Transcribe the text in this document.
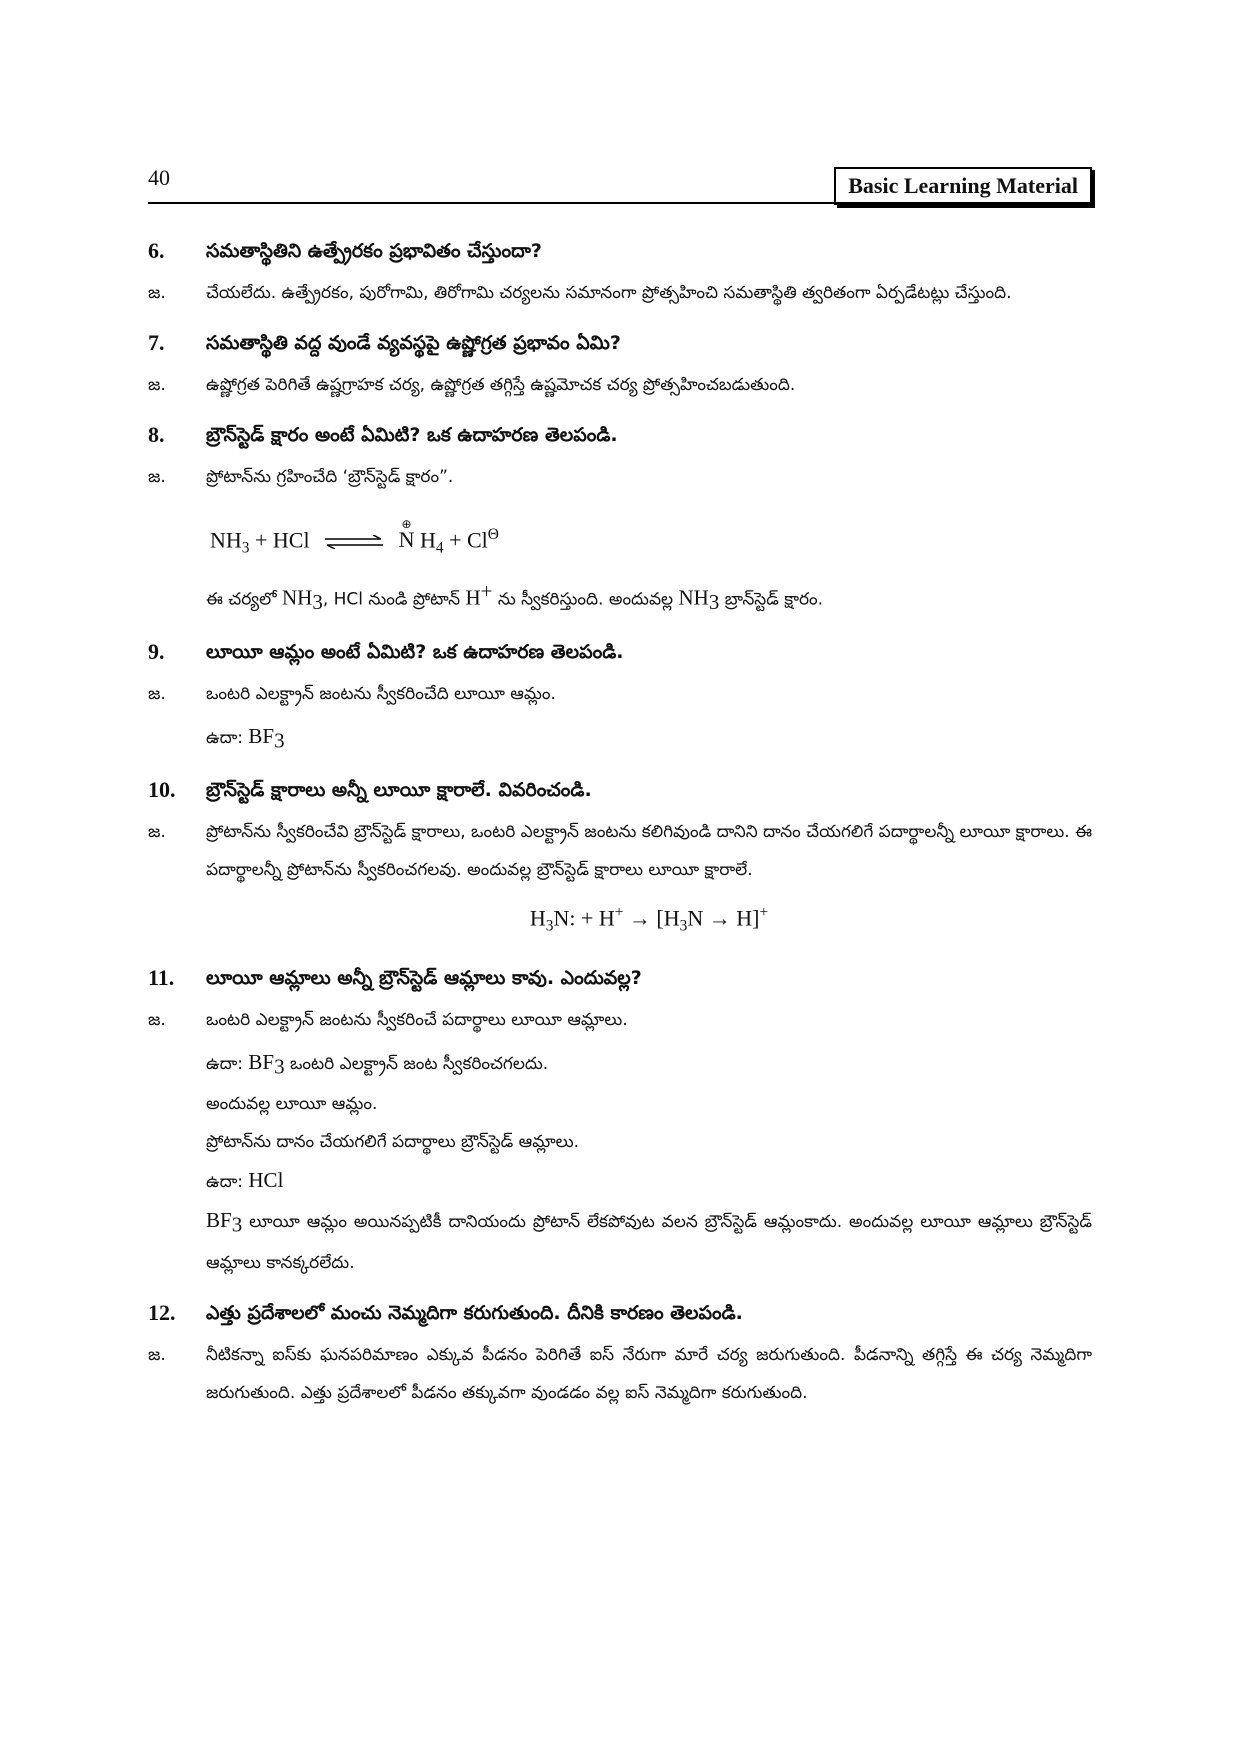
40	Basic Learning Material
6.	సమతాస్థితిని ఉత్ప్రేరకం ప్రభావితం చేస్తుందా?
జ.	చేయలేదు. ఉత్ప్రేరకం, పురోగామి, తిరోగామి చర్యలను సమానంగా ప్రోత్సహించి సమతాస్థితి త్వరితంగా ఏర్పడేటట్లు చేస్తుంది.
7.	సమతాస్థితి వద్ద వుండే వ్యవస్థపై ఉష్ణోగ్రత ప్రభావం ఏమి?
జ.	ఉష్ణోగ్రత పెరిగితే ఉష్ణగ్రాహక చర్య, ఉష్ణోగ్రత తగ్గిస్తే ఉష్ణమోచక చర్య ప్రోత్సహించబడుతుంది.
8.	బ్రౌన్‌స్టెడ్ క్షారం అంటే ఏమిటి? ఒక ఉదాహరణ తెలపండి.
జ.	ప్రోటాన్‌ను గ్రహించేది ‘బ్రౌన్‌స్టెడ్ క్షారం”.
$NH_3$ + HCl ⇌
⊕
N $H_4 + Cl^\Theta$
ఈ చర్యలో $NH_3$, HCl నుండి ప్రోటాన్ H+ ను స్వీకరిస్తుంది. అందువల్ల $NH_3$ బ్రాన్‌స్టెడ్ క్షారం.
9.	లూయీ ఆమ్లం అంటే ఏమిటి? ఒక ఉదాహరణ తెలపండి.
జ.	ఒంటరి ఎలక్ట్రాన్ జంటను స్వీకరించేది లూయీ ఆమ్లం.
ఉదా: $BF_3$
10.	బ్రౌన్‌స్టెడ్ క్షారాలు అన్నీ లూయీ క్షారాలే. వివరించండి.
జ.	ప్రోటాన్‌ను స్వీకరించేవి బ్రౌన్‌స్టెడ్ క్షారాలు, ఒంటరి ఎలక్ట్రాన్ జంటను కలిగివుండి దానిని దానం చేయగలిగే పదార్థాలన్నీ లూయీ క్షారాలు. ఈ పదార్థాలన్నీ ప్రోటాన్‌ను స్వీకరించగలవు. అందువల్ల బ్రౌన్‌స్టెడ్ క్షారాలు లూయీ క్షారాలే.
$H_3N$: + $H^+ \to [H_3N \to H]^+$
11.	లూయీ ఆమ్లాలు అన్నీ బ్రౌన్‌స్టెడ్ ఆమ్లాలు కావు. ఎందువల్ల?
జ.	ఒంటరి ఎలక్ట్రాన్ జంటను స్వీకరించే పదార్థాలు లూయీ ఆమ్లాలు.
ఉదా: $BF_3$ ఒంటరి ఎలక్ట్రాన్ జంట స్వీకరించగలదు.
అందువల్ల లూయీ ఆమ్లం.
ప్రోటాన్‌ను దానం చేయగలిగే పదార్థాలు బ్రౌన్‌స్టెడ్ ఆమ్లాలు.
ఉదా: HCl
$BF_3$ లూయీ ఆమ్లం అయినప్పటికీ దానియందు ప్రోటాన్ లేకపోవుట వలన బ్రౌన్‌స్టెడ్ ఆమ్లంకాదు. అందువల్ల లూయీ ఆమ్లాలు బ్రౌన్‌స్టెడ్ ఆమ్లాలు కానక్కరలేదు.
12.	ఎత్తు ప్రదేశాలలో మంచు నెమ్మదిగా కరుగుతుంది. దీనికి కారణం తెలపండి.
జ.	నీటికన్నా ఐస్‌కు ఘనపరిమాణం ఎక్కువ పీడనం పెరిగితే ఐస్ నేరుగా మారే చర్య జరుగుతుంది. పీడనాన్ని తగ్గిస్తే ఈ చర్య నెమ్మదిగా జరుగుతుంది. ఎత్తు ప్రదేశాలలో పీడనం తక్కువగా వుండడం వల్ల ఐస్ నెమ్మదిగా కరుగుతుంది.
